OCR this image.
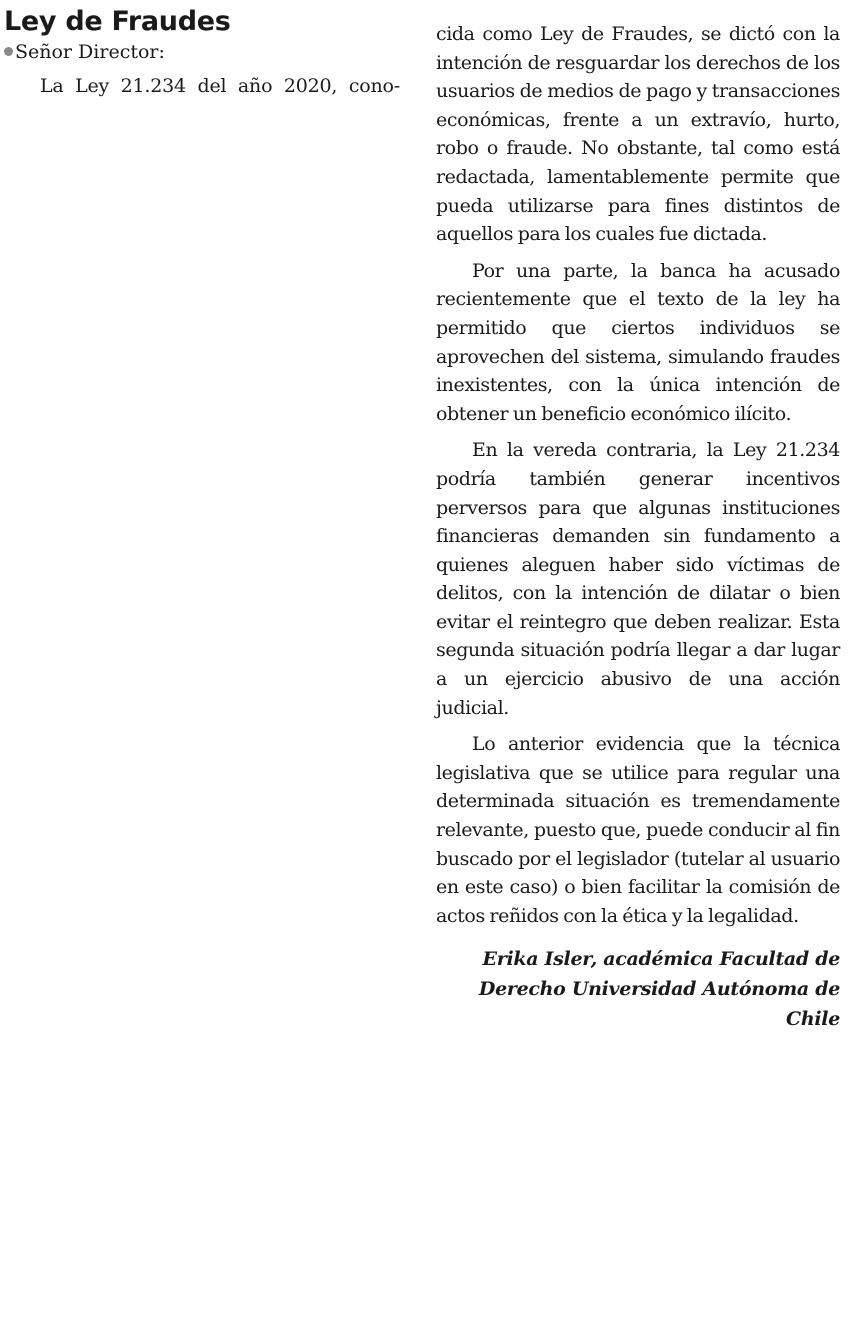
Ley de Fraudes

Señor Director:

La Ley 21.234 del año 2020, cono-

cida como Ley de Fraudes, se dictó con la intención de resguardar los derechos de los usuarios de medios de pago y transacciones económicas, frente a un extravío, hurto, robo o fraude. No obstante, tal como está redactada, lamentablemente permite que pueda utilizarse para fines distintos de aquellos para los cuales fue dictada.

Por una parte, la banca ha acusado recientemente que el texto de la ley ha permitido que ciertos individuos se aprovechen del sistema, simulando fraudes inexistentes, con la única intención de obtener un beneficio económico ilícito.

En la vereda contraria, la Ley 21.234 podría también generar incentivos perversos para que algunas instituciones financieras demanden sin fundamento a quienes aleguen haber sido víctimas de delitos, con la intención de dilatar o bien evitar el reintegro que deben realizar. Esta segunda situación podría llegar a dar lugar a un ejercicio abusivo de una acción judicial.

Lo anterior evidencia que la técnica legislativa que se utilice para regular una determinada situación es tremendamente relevante, puesto que, puede conducir al fin buscado por el legislador (tutelar al usuario en este caso) o bien facilitar la comisión de actos reñidos con la ética y la legalidad.

Erika Isler, académica Facultad de Derecho Universidad Autónoma de Chile
